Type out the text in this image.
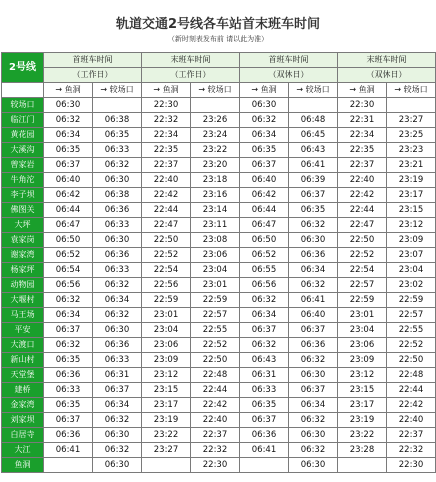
轨道交通2号线各车站首末班车时间
（新时刻表发布前 请以此为准）
2号线	首班车时间		末班车时间		首班车时间		末班车时间	
	（工作日）		（工作日）		（双休日）		（双休日）	
	→ 鱼洞	→ 较场口	→ 鱼洞	→ 较场口	→ 鱼洞	→ 较场口	→ 鱼洞	→ 较场口
较场口	06:30		22:30		06:30		22:30	
临江门	06:32	06:38	22:32	23:26	06:32	06:48	22:31	23:27
黄花园	06:34	06:35	22:34	23:24	06:34	06:45	22:34	23:25
大溪沟	06:35	06:33	22:35	23:22	06:35	06:43	22:35	23:23
曾家岩	06:37	06:32	22:37	23:20	06:37	06:41	22:37	23:21
牛角沱	06:40	06:30	22:40	23:18	06:40	06:39	22:40	23:19
李子坝	06:42	06:38	22:42	23:16	06:42	06:37	22:42	23:17
佛图关	06:44	06:36	22:44	23:14	06:44	06:35	22:44	23:15
大坪	06:47	06:33	22:47	23:11	06:47	06:32	22:47	23:12
袁家岗	06:50	06:30	22:50	23:08	06:50	06:30	22:50	23:09
谢家湾	06:52	06:36	22:52	23:06	06:52	06:36	22:52	23:07
杨家坪	06:54	06:33	22:54	23:04	06:55	06:34	22:54	23:04
动物园	06:56	06:32	22:56	23:01	06:56	06:32	22:57	23:02
大堰村	06:32	06:34	22:59	22:59	06:32	06:41	22:59	22:59
马王场	06:34	06:32	23:01	22:57	06:34	06:40	23:01	22:57
平安	06:37	06:30	23:04	22:55	06:37	06:37	23:04	22:55
大渡口	06:32	06:36	23:06	22:52	06:32	06:36	23:06	22:52
新山村	06:35	06:33	23:09	22:50	06:43	06:32	23:09	22:50
天堂堡	06:36	06:31	23:12	22:48	06:31	06:30	23:12	22:48
建桥	06:33	06:37	23:15	22:44	06:33	06:37	23:15	22:44
金家湾	06:35	06:34	23:17	22:42	06:35	06:34	23:17	22:42
刘家坝	06:37	06:32	23:19	22:40	06:37	06:32	23:19	22:40
白居寺	06:36	06:30	23:22	22:37	06:36	06:30	23:22	22:37
大江	06:41	06:32	23:27	22:32	06:41	06:32	23:28	22:32
鱼洞		06:30		22:30		06:30		22:30
